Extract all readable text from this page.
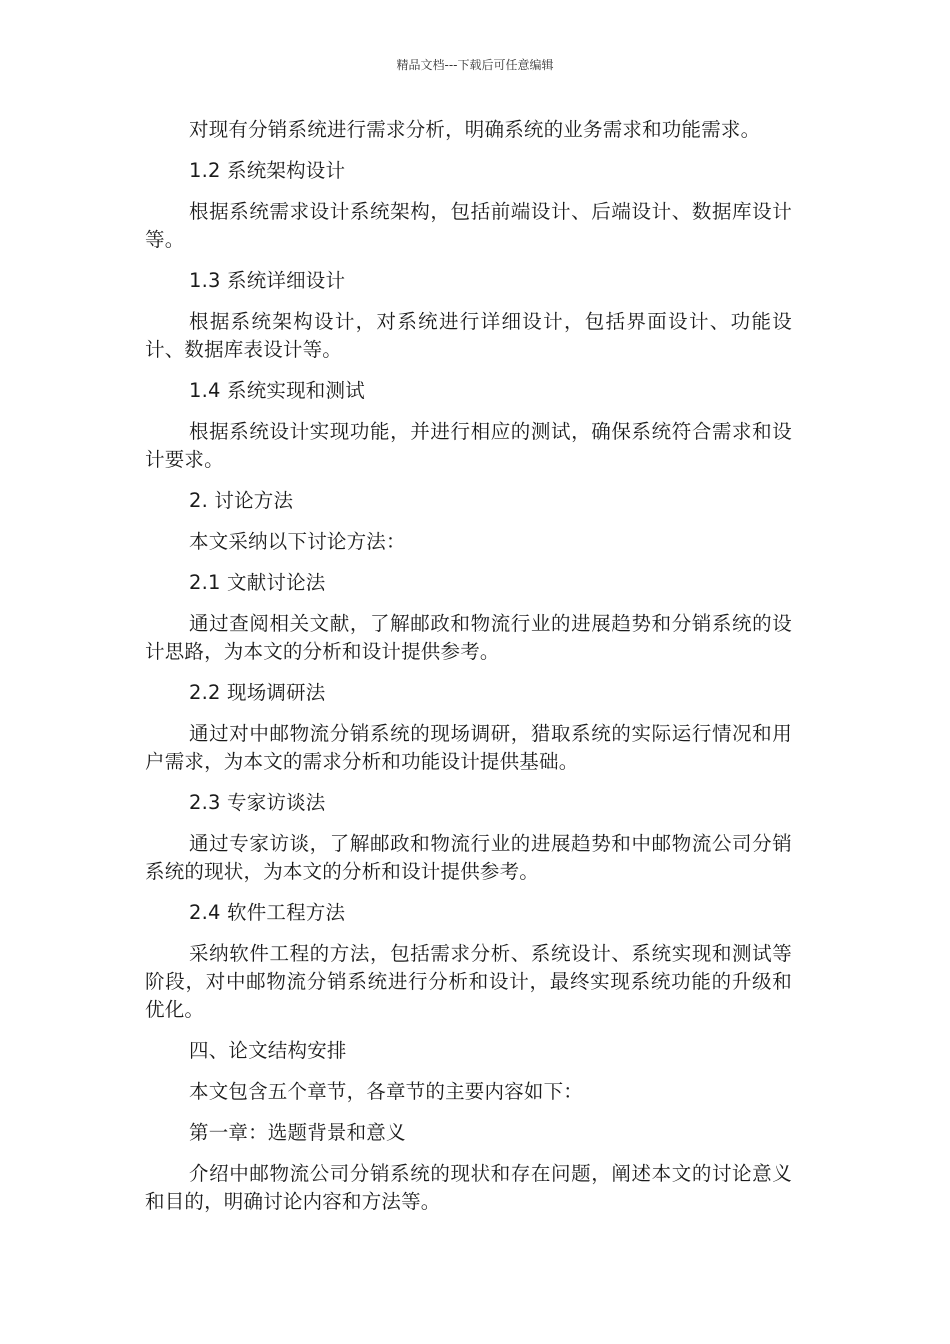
精品文档---下载后可任意编辑

对现有分销系统进行需求分析，明确系统的业务需求和功能需求。

1.2 系统架构设计

根据系统需求设计系统架构，包括前端设计、后端设计、数据库设计等。

1.3 系统详细设计

根据系统架构设计，对系统进行详细设计，包括界面设计、功能设计、数据库表设计等。

1.4 系统实现和测试

根据系统设计实现功能，并进行相应的测试，确保系统符合需求和设计要求。

2. 讨论方法

本文采纳以下讨论方法：

2.1 文献讨论法

通过查阅相关文献，了解邮政和物流行业的进展趋势和分销系统的设计思路，为本文的分析和设计提供参考。

2.2 现场调研法

通过对中邮物流分销系统的现场调研，猎取系统的实际运行情况和用户需求，为本文的需求分析和功能设计提供基础。

2.3 专家访谈法

通过专家访谈，了解邮政和物流行业的进展趋势和中邮物流公司分销系统的现状，为本文的分析和设计提供参考。

2.4 软件工程方法

采纳软件工程的方法，包括需求分析、系统设计、系统实现和测试等阶段，对中邮物流分销系统进行分析和设计，最终实现系统功能的升级和优化。

四、论文结构安排

本文包含五个章节，各章节的主要内容如下：

第一章：选题背景和意义

介绍中邮物流公司分销系统的现状和存在问题，阐述本文的讨论意义和目的，明确讨论内容和方法等。
